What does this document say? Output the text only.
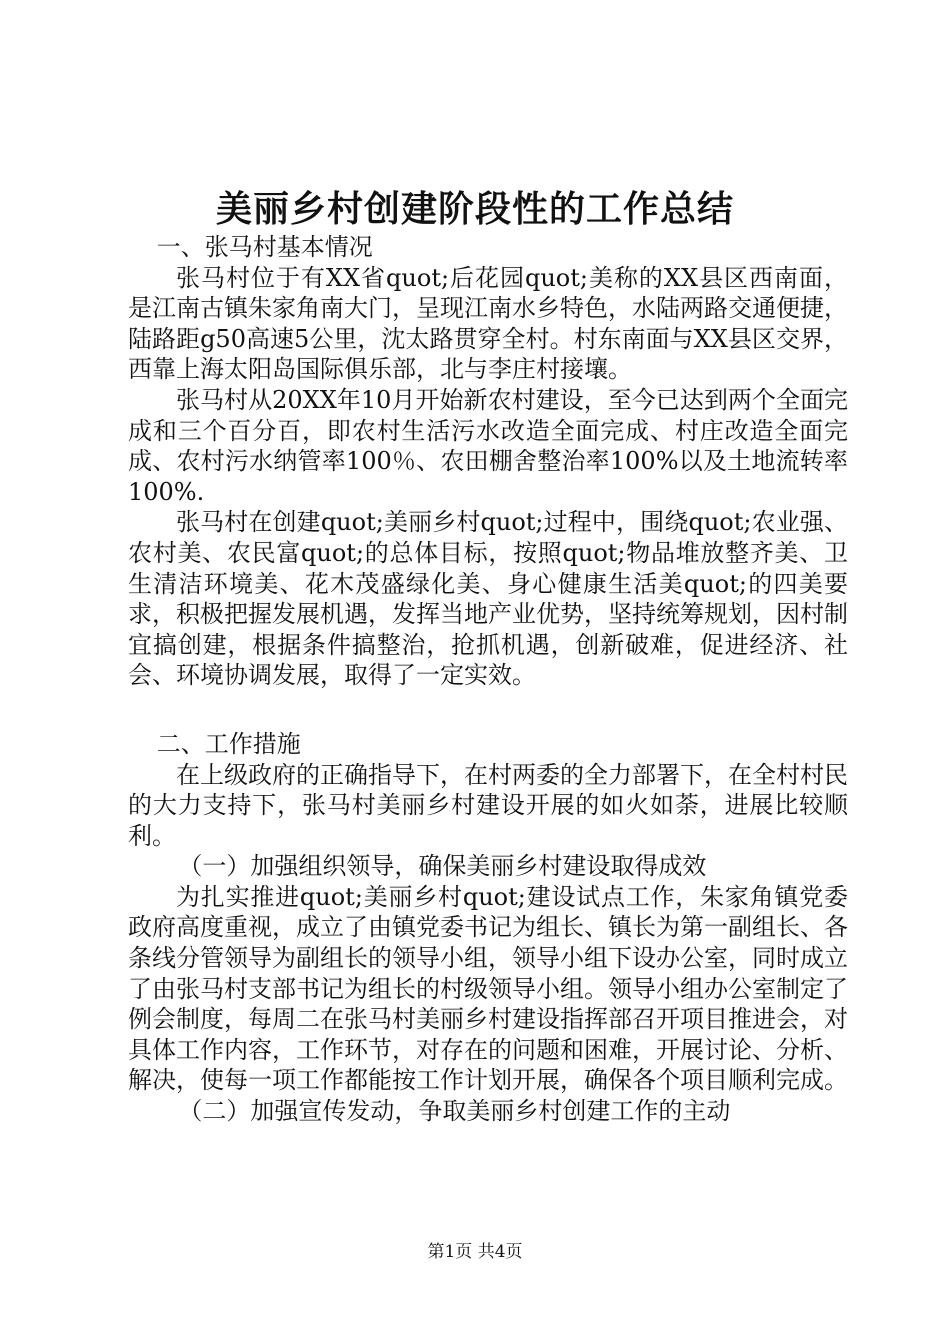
美丽乡村创建阶段性的工作总结

一、张马村基本情况

张马村位于有XX省quot;后花园quot;美称的XX县区西南面，是江南古镇朱家角南大门，呈现江南水乡特色，水陆两路交通便捷，陆路距g50高速5公里，沈太路贯穿全村。村东南面与XX县区交界，西靠上海太阳岛国际俱乐部，北与李庄村接壤。

张马村从20XX年10月开始新农村建设，至今已达到两个全面完成和三个百分百，即农村生活污水改造全面完成、村庄改造全面完成、农村污水纳管率100％、农田棚舍整治率100%以及土地流转率100%.

张马村在创建quot;美丽乡村quot;过程中，围绕quot;农业强、农村美、农民富quot;的总体目标，按照quot;物品堆放整齐美、卫生清洁环境美、花木茂盛绿化美、身心健康生活美quot;的四美要求，积极把握发展机遇，发挥当地产业优势，坚持统筹规划，因村制宜搞创建，根据条件搞整治，抢抓机遇，创新破难，促进经济、社会、环境协调发展，取得了一定实效。

二、工作措施

在上级政府的正确指导下，在村两委的全力部署下，在全村村民的大力支持下，张马村美丽乡村建设开展的如火如荼，进展比较顺利。

（一）加强组织领导，确保美丽乡村建设取得成效

为扎实推进quot;美丽乡村quot;建设试点工作，朱家角镇党委政府高度重视，成立了由镇党委书记为组长、镇长为第一副组长、各条线分管领导为副组长的领导小组，领导小组下设办公室，同时成立了由张马村支部书记为组长的村级领导小组。领导小组办公室制定了例会制度，每周二在张马村美丽乡村建设指挥部召开项目推进会，对具体工作内容，工作环节，对存在的问题和困难，开展讨论、分析、解决，使每一项工作都能按工作计划开展，确保各个项目顺利完成。

（二）加强宣传发动，争取美丽乡村创建工作的主动

第1页 共4页
